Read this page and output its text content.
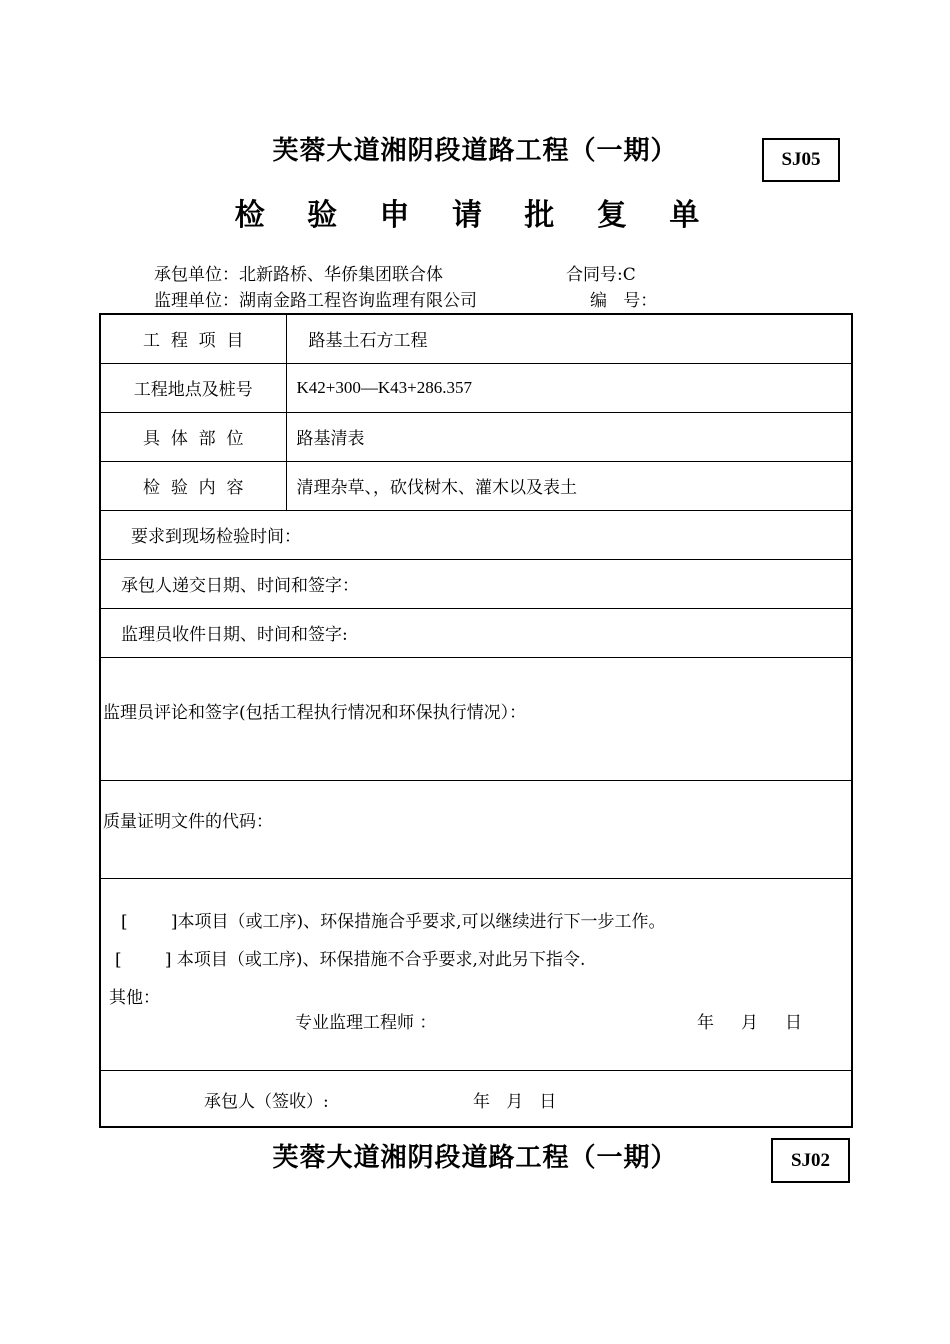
芙蓉大道湘阴段道路工程（一期）	SJ05
检 验 申 请 批 复 单
承包单位：北新路桥、华侨集团联合体	合同号:C
监理单位：湖南金路工程咨询监理有限公司	编   号：
工  程  项  目	路基土石方工程
工程地点及桩号	K42+300—K43+286.357
具  体  部  位	路基清表
检  验  内  容	清理杂草、，砍伐树木、灌木以及表土
要求到现场检验时间：	
承包人递交日期、时间和签字：	
监理员收件日期、时间和签字:	
监理员评论和签字(包括工程执行情况和环保执行情况）：	
质量证明文件的代码：	

[        ]本项目（或工序)、环保措施合乎要求,可以继续进行下一步工作。
[        ] 本项目（或工序)、环保措施不合乎要求,对此另下指令.
其他：
专业监理工程师 ： 年     月     日	

承包人（签收）: 年   月   日	
芙蓉大道湘阴段道路工程（一期）	SJ02
